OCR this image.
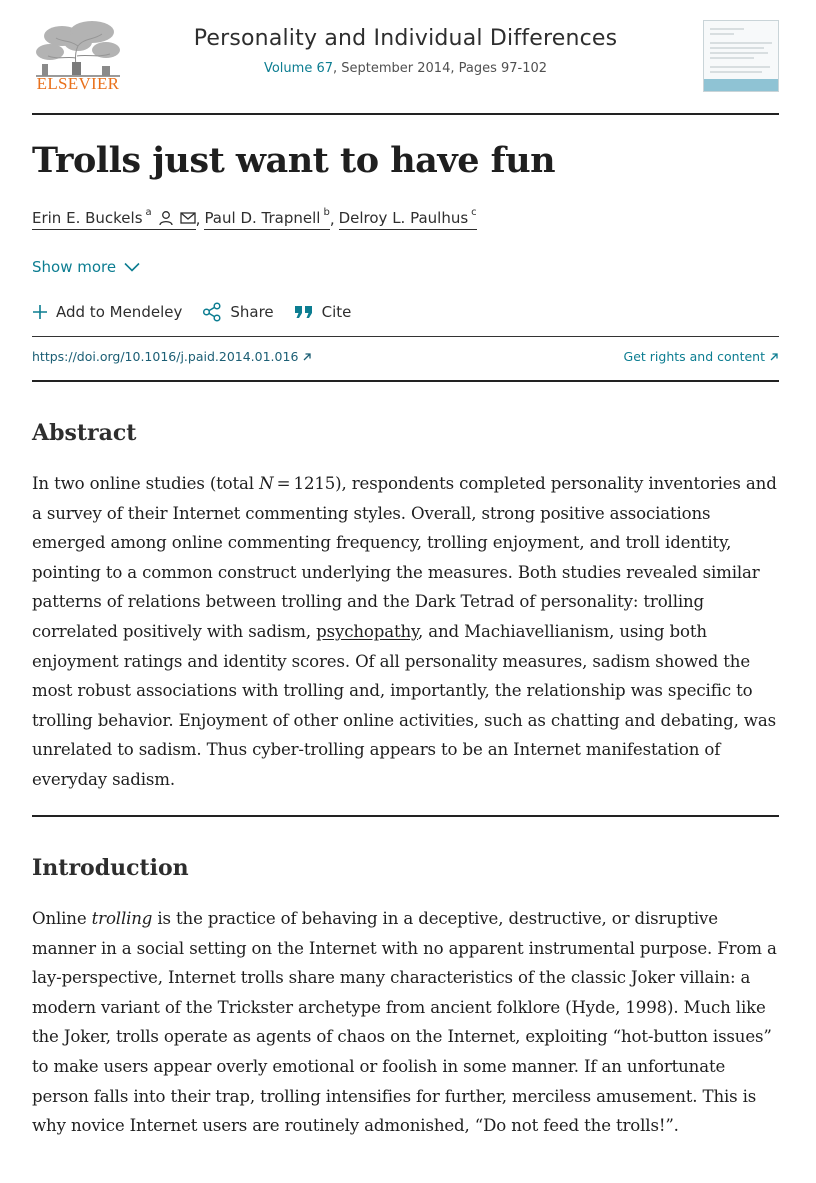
ELSEVIER
Personality and Individual Differences
Volume 67, September 2014, Pages 97-102
Trolls just want to have fun
Erin E. Buckels $^a$	, Paul D. Trapnell $^b$ , Delroy L. Paulhus $^c$
Show more
Add to Mendeley	Share	Cite
https://doi.org/10.1016/j.paid.2014.01.016	Get rights and content
Abstract

In two online studies (total N = 1215), respondents completed personality inventories and a survey of their Internet commenting styles. Overall, strong positive associations emerged among online commenting frequency, trolling enjoyment, and troll identity, pointing to a common construct underlying the measures. Both studies revealed similar patterns of relations between trolling and the Dark Tetrad of personality: trolling correlated positively with sadism, psychopathy, and Machiavellianism, using both enjoyment ratings and identity scores. Of all personality measures, sadism showed the most robust associations with trolling and, importantly, the relationship was specific to trolling behavior. Enjoyment of other online activities, such as chatting and debating, was unrelated to sadism. Thus cyber-trolling appears to be an Internet manifestation of everyday sadism.

Introduction

Online trolling is the practice of behaving in a deceptive, destructive, or disruptive manner in a social setting on the Internet with no apparent instrumental purpose. From a lay-perspective, Internet trolls share many characteristics of the classic Joker villain: a modern variant of the Trickster archetype from ancient folklore (Hyde, 1998). Much like the Joker, trolls operate as agents of chaos on the Internet, exploiting “hot-button issues” to make users appear overly emotional or foolish in some manner. If an unfortunate person falls into their trap, trolling intensifies for further, merciless amusement. This is why novice Internet users are routinely admonished, “Do not feed the trolls!”.
